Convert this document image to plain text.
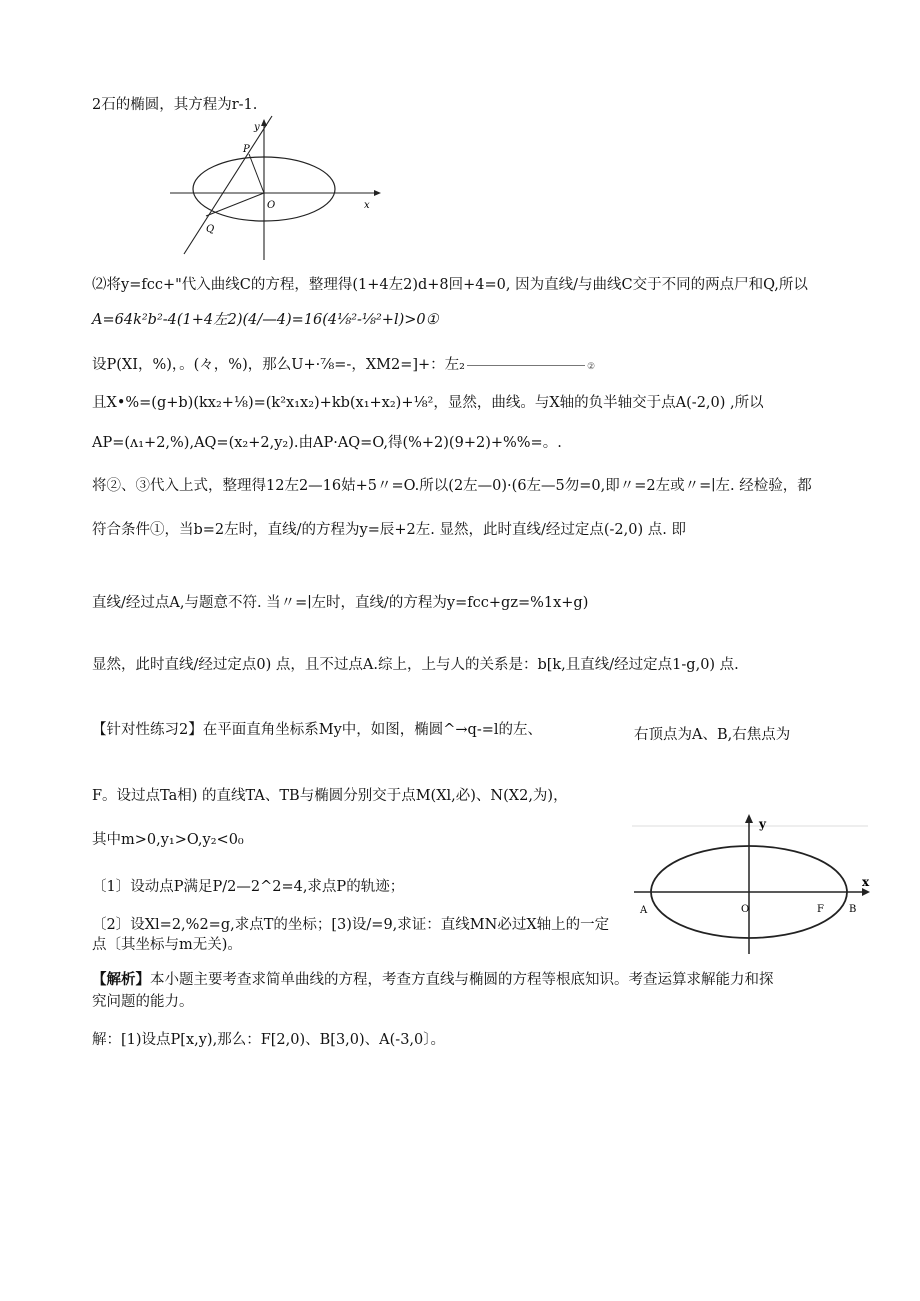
2石的椭圆，其方程为r-1.
y
x
P
O
Q
⑵将y=fcc+"代入曲线C的方程，整理得(1+4左2)d+8回+4=0, 因为直线/与曲线C交于不同的两点尸和Q,所以
A=64k²b²-4(1+4左2)(4/—4)=16(4⅛²-⅛²+l)>0①
设P(XI，%)，。(々，%)，那么U+·⅞=-，XM2=]+：左₂	②
且X•%=(g+b)(kx₂+⅛)=(k²x₁x₂)+kb(x₁+x₂)+⅛²，显然，曲线。与X轴的负半轴交于点A(-2,0) ,所以
AP=(ʌ₁+2,%),AQ=(x₂+2,y₂).由AP·AQ=O,得(%+2)(9+2)+%%=。.
将②、③代入上式，整理得12左2—16姑+5〃=O.所以(2左—0)·(6左—5勿=0,即〃=2左或〃=∣左. 经检验，都
符合条件①，当b=2左时，直线/的方程为y=辰+2左. 显然，此时直线/经过定点(-2,0) 点. 即
直线/经过点A,与题意不符. 当〃=∣左时，直线/的方程为y=fcc+gz=%1x+g)
显然，此时直线/经过定点0) 点，且不过点A.综上，上与人的关系是：b[k,且直线/经过定点1-g,0) 点.
【针对性练习2】在平面直角坐标系My中，如图，椭圆^→q-=l的左、	右顶点为A、B,右焦点为
F。设过点Ta相) 的直线TA、TB与椭圆分别交于点M(Xl,必)、N(X2,为)，
其中m>0,y₁>O,y₂<0₀
y
x
A	O	F	B
〔1〕设动点P满足P/2—2^2=4,求点P的轨迹；
〔2〕设Xl=2,%2=g,求点T的坐标；[3)设/=9,求证：直线MN必过X轴上的一定
点〔其坐标与m无关)。
【解析】本小题主要考查求简单曲线的方程，考查方直线与椭圆的方程等根底知识。考查运算求解能力和探
究问题的能力。
解：[1)设点P[x,y),那么：F[2,0)、B[3,0)、A(-3,0〕。
